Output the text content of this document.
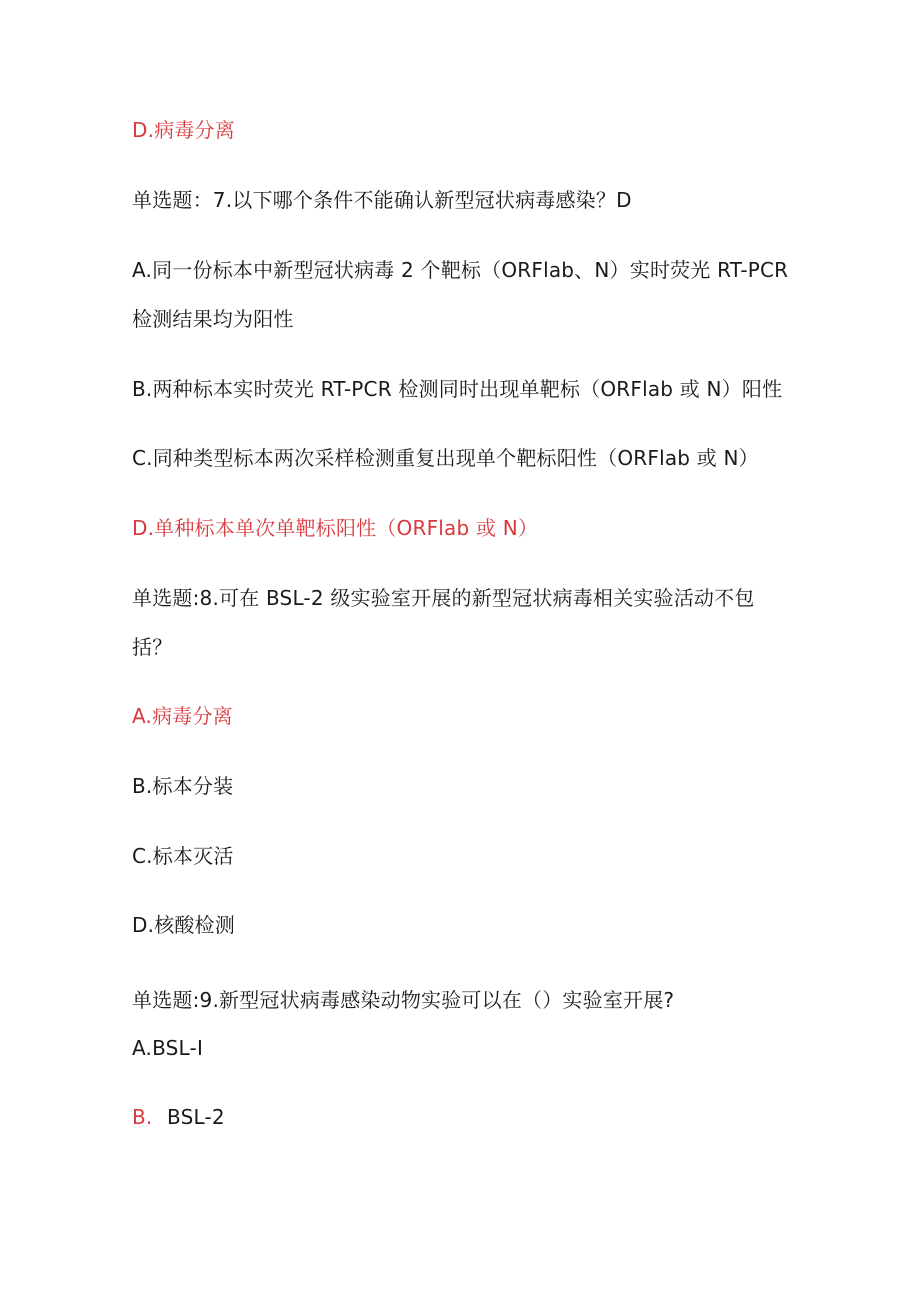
D.病毒分离
单选题：7.以下哪个条件不能确认新型冠状病毒感染？D
A.同一份标本中新型冠状病毒 2 个靶标（ORFlab、N）实时荧光 RT-PCR
检测结果均为阳性
B.两种标本实时荧光 RT-PCR 检测同时出现单靶标（ORFlab 或 N）阳性
C.同种类型标本两次采样检测重复出现单个靶标阳性（ORFlab 或 N）
D.单种标本单次单靶标阳性（ORFlab 或 N）
单选题:8.可在 BSL-2 级实验室开展的新型冠状病毒相关实验活动不包
括？
A.病毒分离
B.标本分装
C.标本灭活
D.核酸检测
单选题:9.新型冠状病毒感染动物实验可以在（）实验室开展?
A.BSL-I
B. BSL-2
